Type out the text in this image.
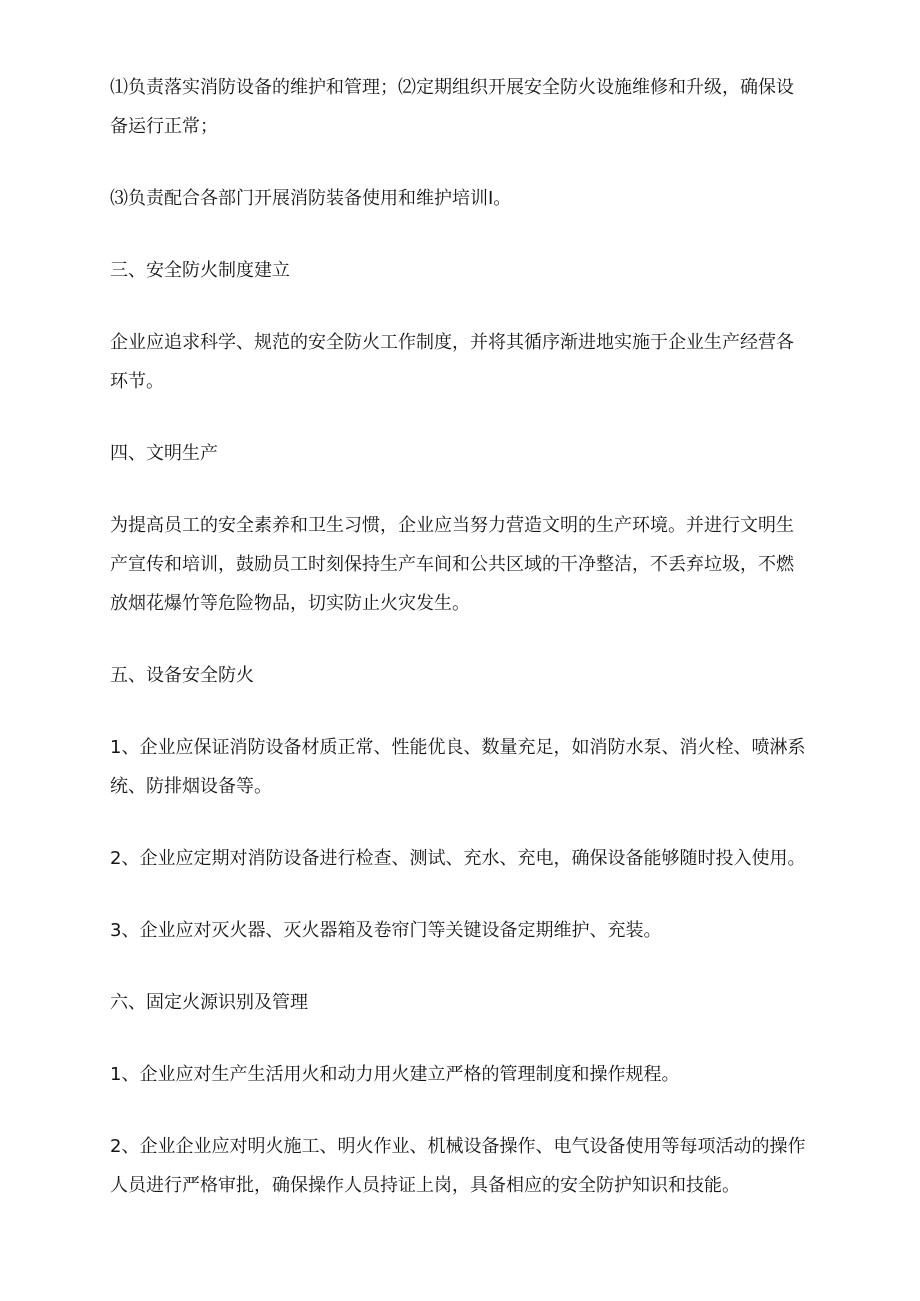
⑴负责落实消防设备的维护和管理；⑵定期组织开展安全防火设施维修和升级，确保设备运行正常；

⑶负责配合各部门开展消防装备使用和维护培训I。

三、安全防火制度建立

企业应追求科学、规范的安全防火工作制度，并将其循序渐进地实施于企业生产经营各环节。

四、文明生产

为提高员工的安全素养和卫生习惯，企业应当努力营造文明的生产环境。并进行文明生产宣传和培训，鼓励员工时刻保持生产车间和公共区域的干净整洁，不丢弃垃圾，不燃放烟花爆竹等危险物品，切实防止火灾发生。

五、设备安全防火

1、企业应保证消防设备材质正常、性能优良、数量充足，如消防水泵、消火栓、喷淋系统、防排烟设备等。

2、企业应定期对消防设备进行检查、测试、充水、充电，确保设备能够随时投入使用。

3、企业应对灭火器、灭火器箱及卷帘门等关键设备定期维护、充装。

六、固定火源识别及管理

1、企业应对生产生活用火和动力用火建立严格的管理制度和操作规程。

2、企业企业应对明火施工、明火作业、机械设备操作、电气设备使用等每项活动的操作人员进行严格审批，确保操作人员持证上岗，具备相应的安全防护知识和技能。
